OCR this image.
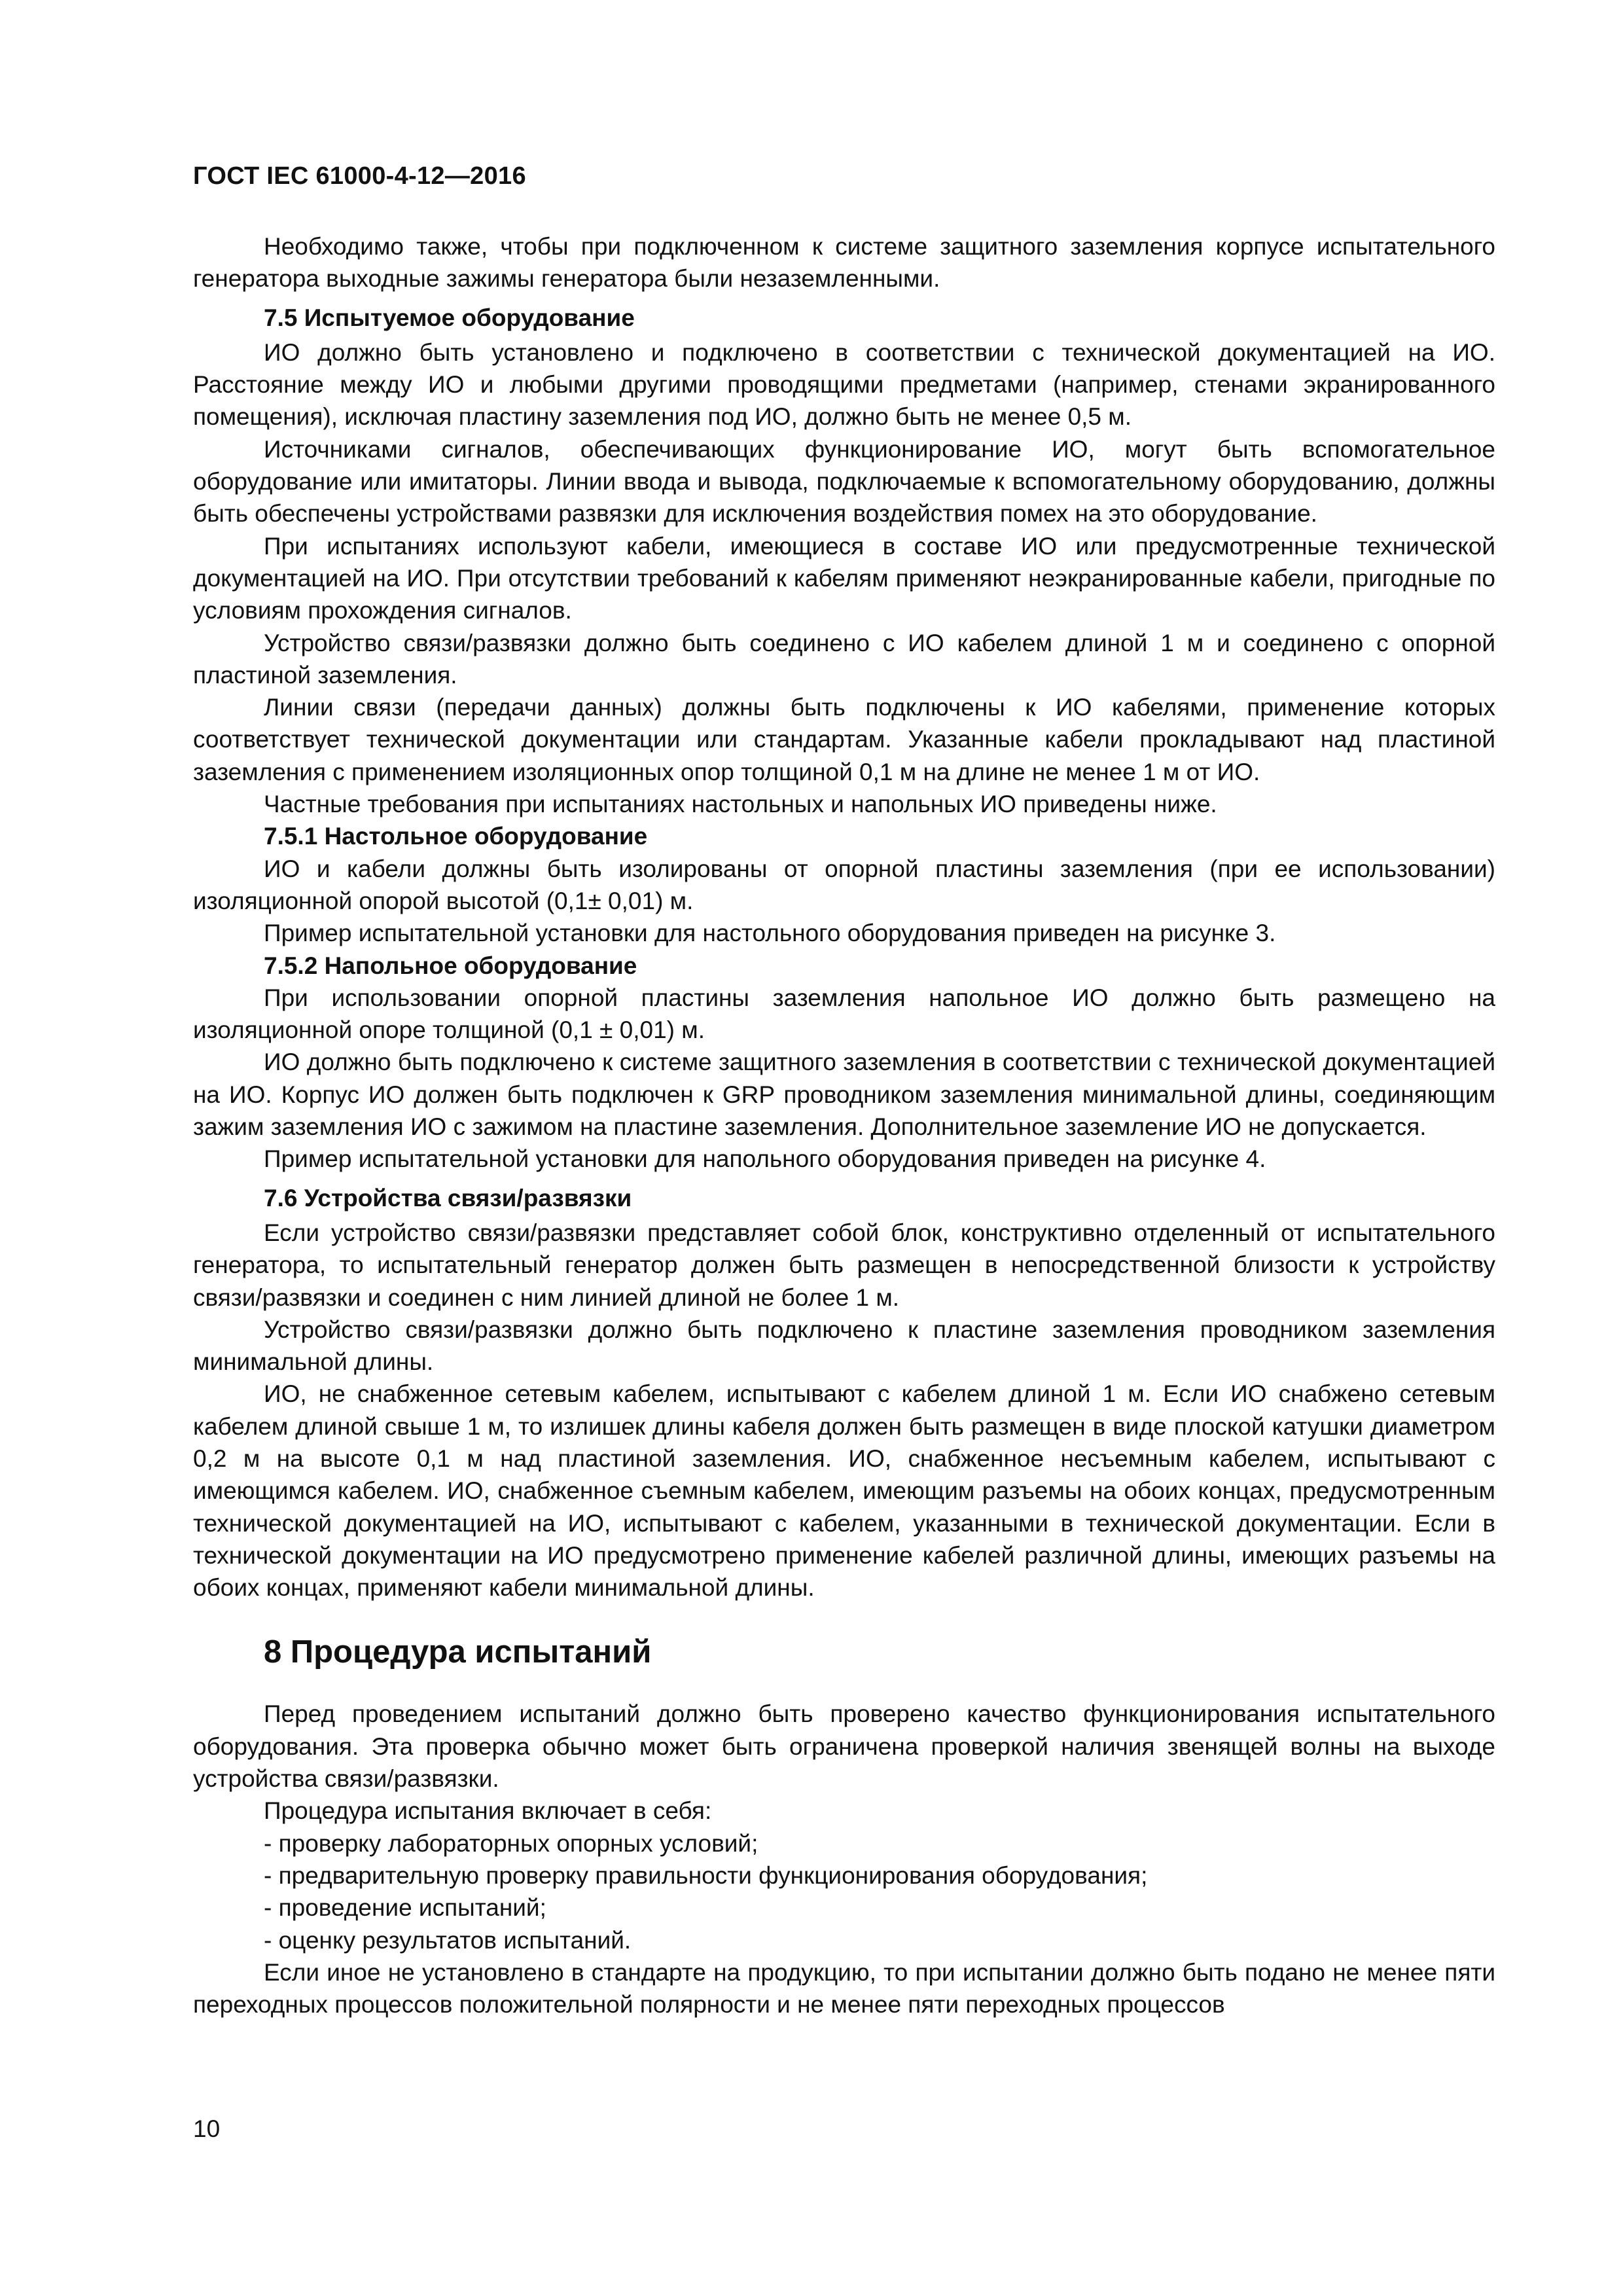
ГОСТ IEC 61000-4-12—2016

Необходимо также, чтобы при подключенном к системе защитного заземления корпусе испытательного генератора выходные зажимы генератора были незаземленными.

7.5 Испытуемое оборудование

ИО должно быть установлено и подключено в соответствии с технической документацией на ИО. Расстояние между ИО и любыми другими проводящими предметами (например, стенами экранированного помещения), исключая пластину заземления под ИО, должно быть не менее 0,5 м.

Источниками сигналов, обеспечивающих функционирование ИО, могут быть вспомогательное оборудование или имитаторы. Линии ввода и вывода, подключаемые к вспомогательному оборудованию, должны быть обеспечены устройствами развязки для исключения воздействия помех на это оборудование.

При испытаниях используют кабели, имеющиеся в составе ИО или предусмотренные технической документацией на ИО. При отсутствии требований к кабелям применяют неэкранированные кабели, пригодные по условиям прохождения сигналов.

Устройство связи/развязки должно быть соединено с ИО кабелем длиной 1 м и соединено с опорной пластиной заземления.

Линии связи (передачи данных) должны быть подключены к ИО кабелями, применение которых соответствует технической документации или стандартам. Указанные кабели прокладывают над пластиной заземления с применением изоляционных опор толщиной 0,1 м на длине не менее 1 м от ИО.

Частные требования при испытаниях настольных и напольных ИО приведены ниже.

7.5.1 Настольное оборудование

ИО и кабели должны быть изолированы от опорной пластины заземления (при ее использовании) изоляционной опорой высотой (0,1± 0,01) м.

Пример испытательной установки для настольного оборудования приведен на рисунке 3.

7.5.2 Напольное оборудование

При использовании опорной пластины заземления напольное ИО должно быть размещено на изоляционной опоре толщиной (0,1 ± 0,01) м.

ИО должно быть подключено к системе защитного заземления в соответствии с технической документацией на ИО. Корпус ИО должен быть подключен к GRP проводником заземления минимальной длины, соединяющим зажим заземления ИО с зажимом на пластине заземления. Дополнительное заземление ИО не допускается.

Пример испытательной установки для напольного оборудования приведен на рисунке 4.

7.6 Устройства связи/развязки

Если устройство связи/развязки представляет собой блок, конструктивно отделенный от испытательного генератора, то испытательный генератор должен быть размещен в непосредственной близости к устройству связи/развязки и соединен с ним линией длиной не более 1 м.

Устройство связи/развязки должно быть подключено к пластине заземления проводником заземления минимальной длины.

ИО, не снабженное сетевым кабелем, испытывают с кабелем длиной 1 м. Если ИО снабжено сетевым кабелем длиной свыше 1 м, то излишек длины кабеля должен быть размещен в виде плоской катушки диаметром 0,2 м на высоте 0,1 м над пластиной заземления. ИО, снабженное несъемным кабелем, испытывают с имеющимся кабелем. ИО, снабженное съемным кабелем, имеющим разъемы на обоих концах, предусмотренным технической документацией на ИО, испытывают с кабелем, указанными в технической документации. Если в технической документации на ИО предусмотрено применение кабелей различной длины, имеющих разъемы на обоих концах, применяют кабели минимальной длины.

8 Процедура испытаний

Перед проведением испытаний должно быть проверено качество функционирования испытательного оборудования. Эта проверка обычно может быть ограничена проверкой наличия звенящей волны на выходе устройства связи/развязки.

Процедура испытания включает в себя:

- проверку лабораторных опорных условий;

- предварительную проверку правильности функционирования оборудования;

- проведение испытаний;

- оценку результатов испытаний.

Если иное не установлено в стандарте на продукцию, то при испытании должно быть подано не менее пяти переходных процессов положительной полярности и не менее пяти переходных процессов

10
